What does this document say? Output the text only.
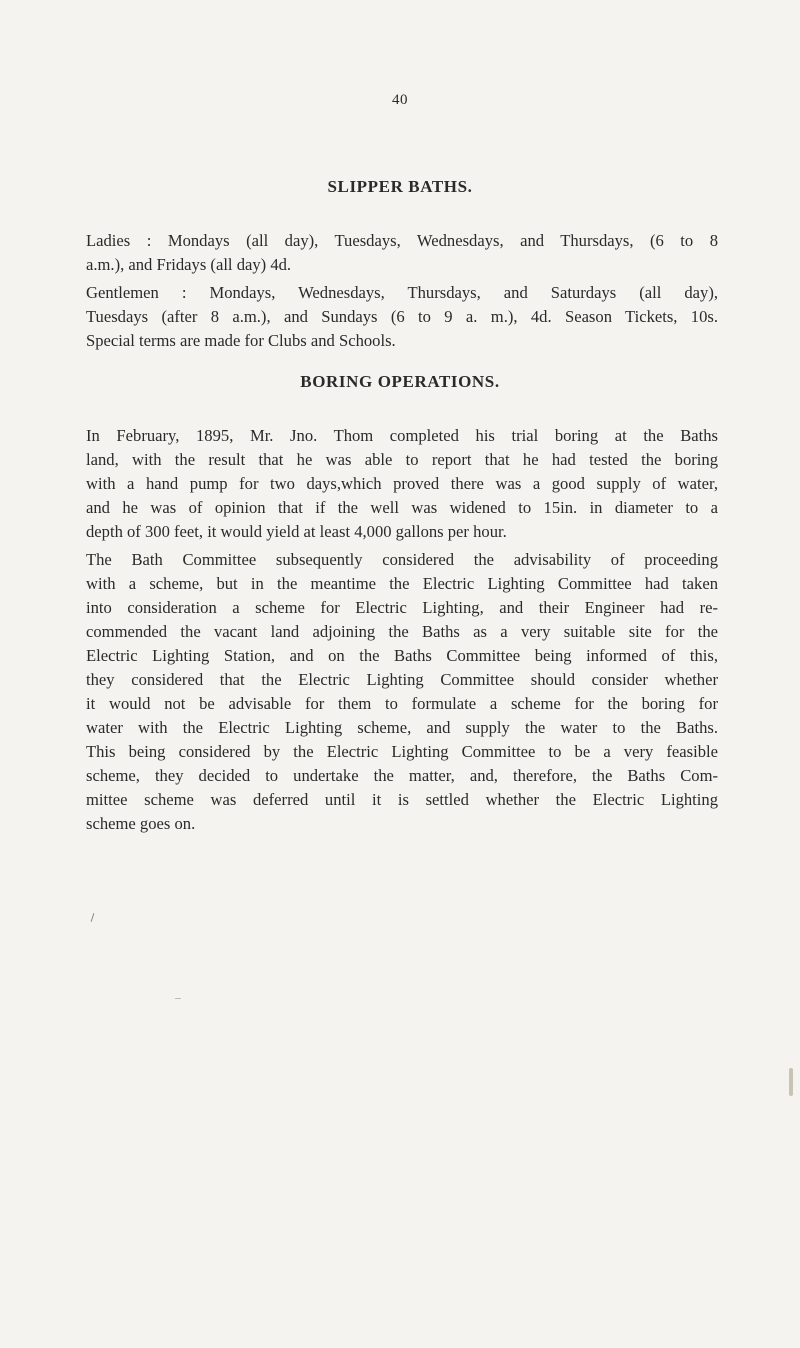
40
SLIPPER BATHS.
Ladies : Mondays (all day), Tuesdays, Wednesdays, and Thursdays, (6 to 8
a.m.), and Fridays (all day) 4d.
Gentlemen : Mondays, Wednesdays, Thursdays, and Saturdays (all day),
Tuesdays (after 8 a.m.), and Sundays (6 to 9 a. m.), 4d. Season Tickets, 10s.
Special terms are made for Clubs and Schools.
BORING OPERATIONS.
In February, 1895, Mr. Jno. Thom completed his trial boring at the Baths
land, with the result that he was able to report that he had tested the boring
with a hand pump for two days,which proved there was a good supply of water,
and he was of opinion that if the well was widened to 15in. in diameter to a
depth of 300 feet, it would yield at least 4,000 gallons per hour.
The Bath Committee subsequently considered the advisability of proceeding
with a scheme, but in the meantime the Electric Lighting Committee had taken
into consideration a scheme for Electric Lighting, and their Engineer had re-
commended the vacant land adjoining the Baths as a very suitable site for the
Electric Lighting Station, and on the Baths Committee being informed of this,
they considered that the Electric Lighting Committee should consider whether
it would not be advisable for them to formulate a scheme for the boring for
water with the Electric Lighting scheme, and supply the water to the Baths.
This being considered by the Electric Lighting Committee to be a very feasible
scheme, they decided to undertake the matter, and, therefore, the Baths Com-
mittee scheme was deferred until it is settled whether the Electric Lighting
scheme goes on.
